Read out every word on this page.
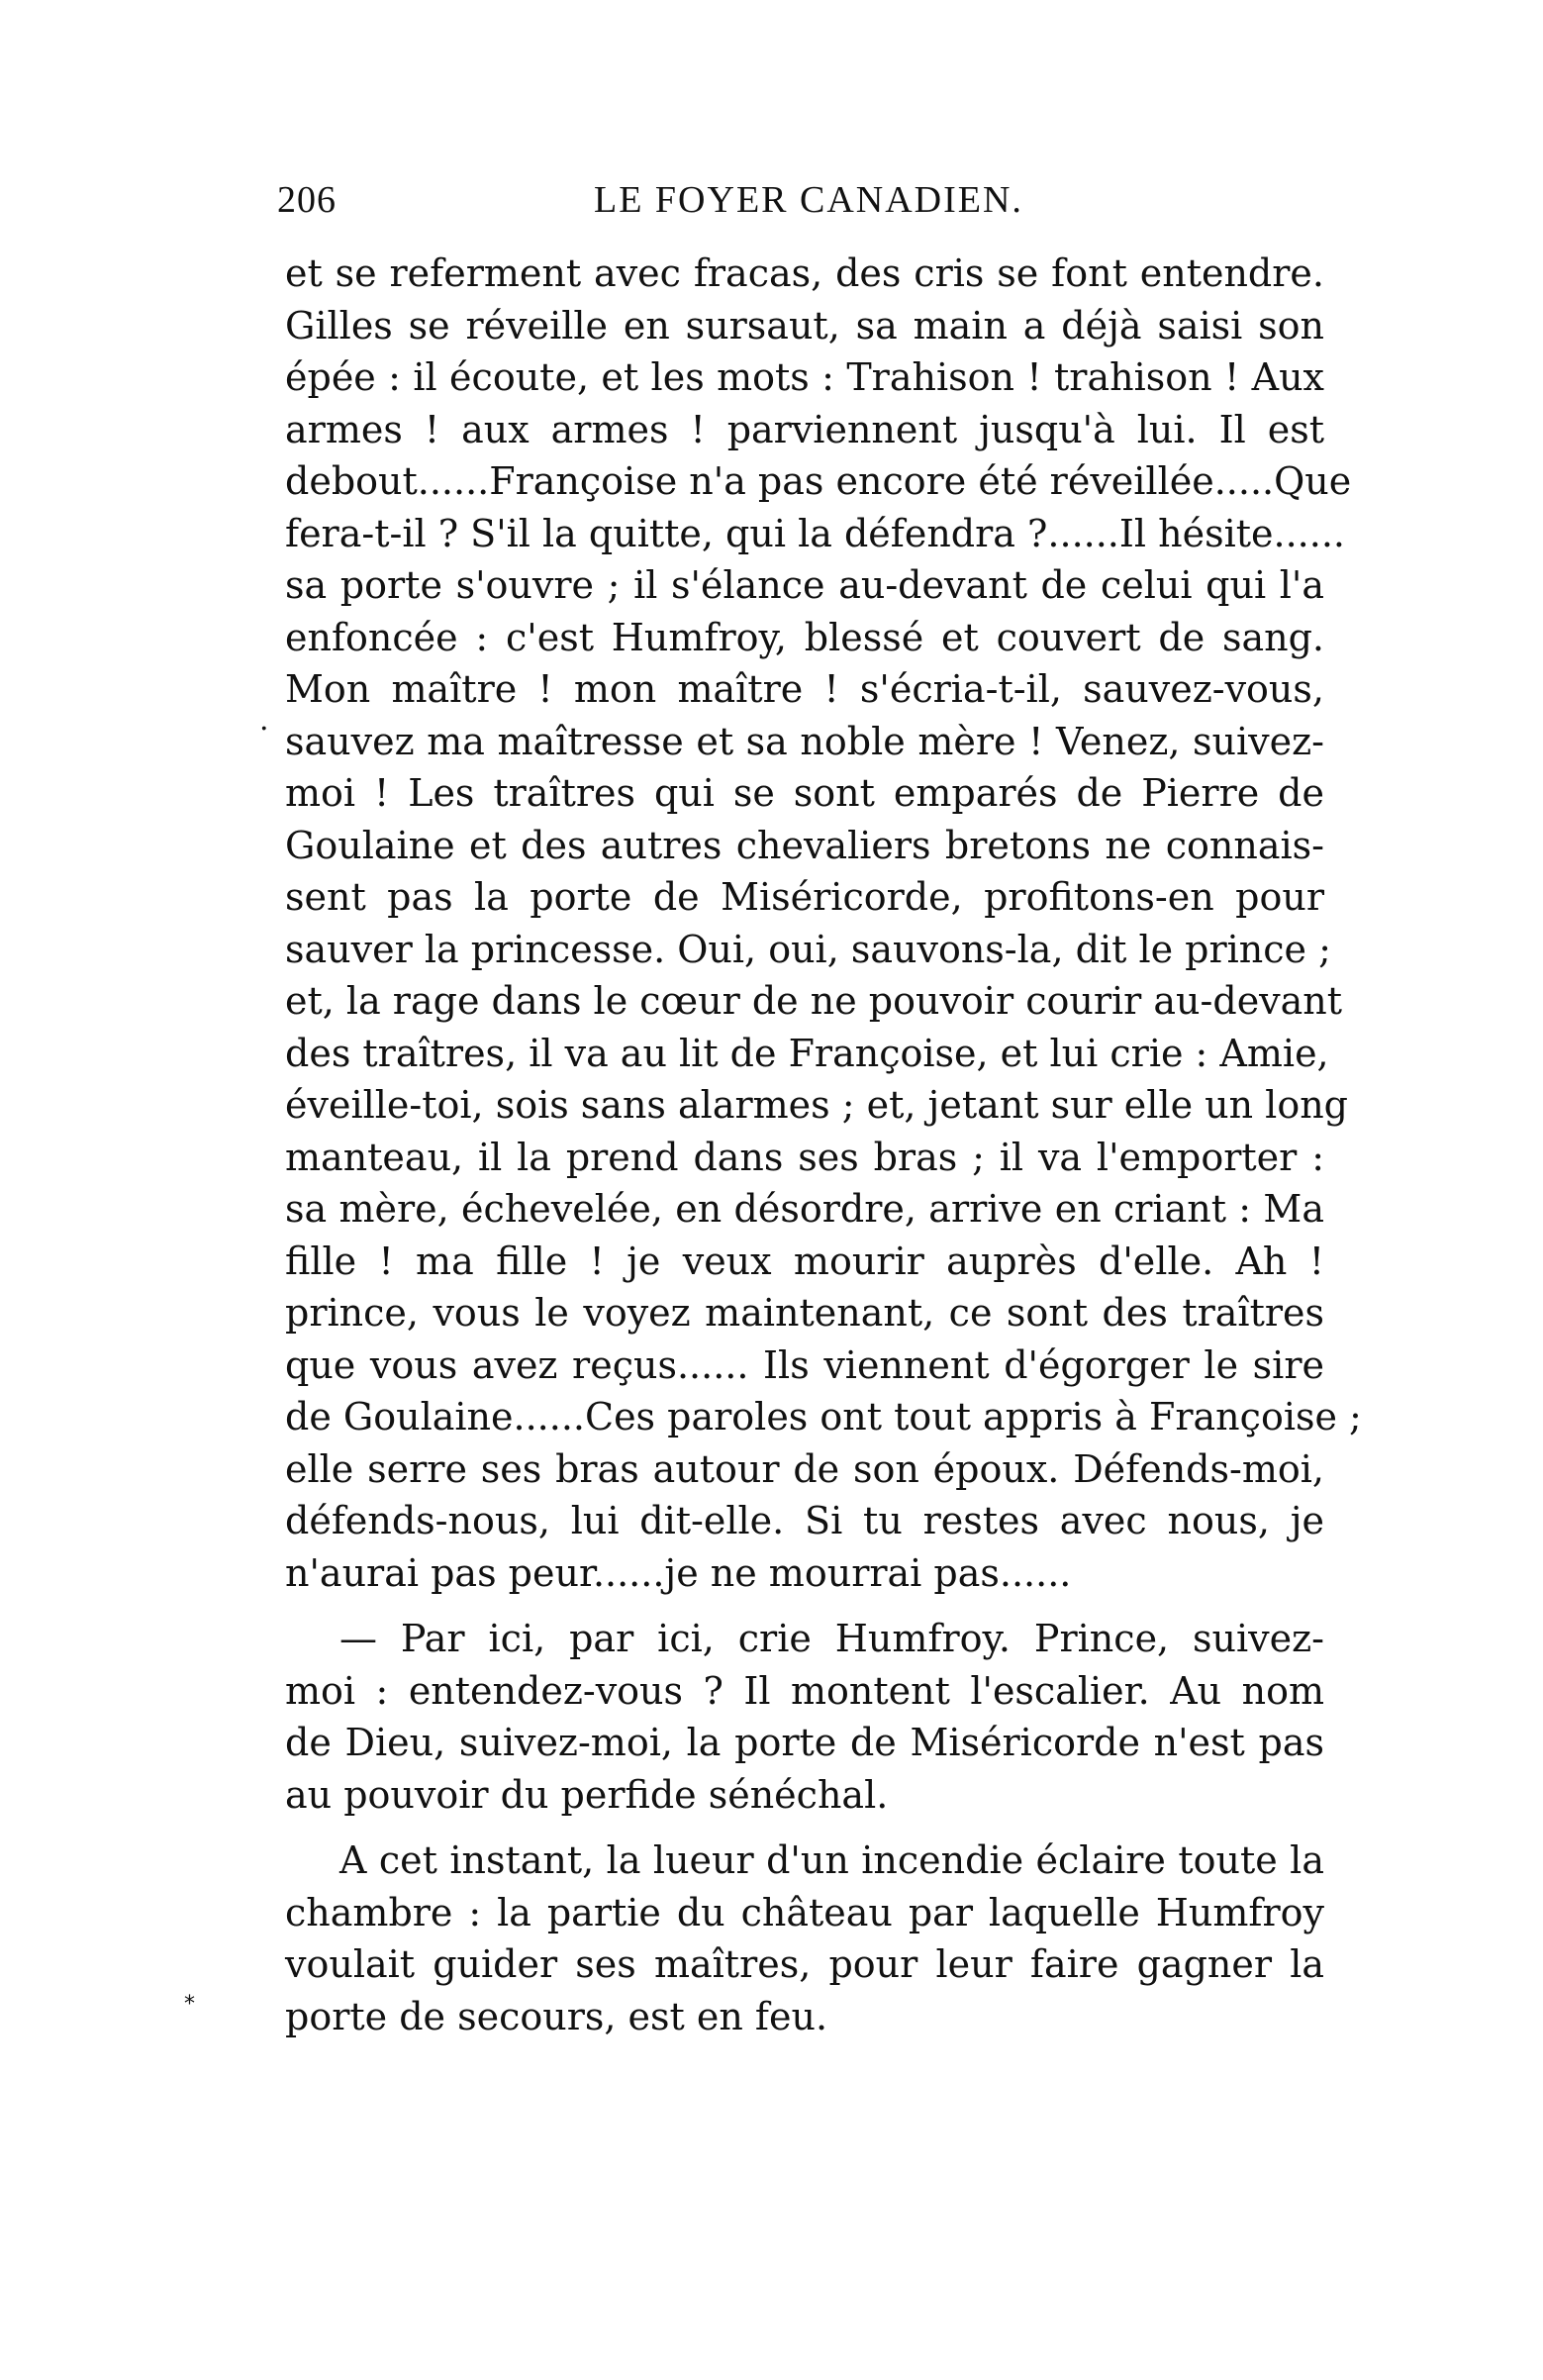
206	LE FOYER CANADIEN.
.
et se referment avec fracas, des cris se font entendre.
Gilles se réveille en sursaut, sa main a déjà saisi son
épée : il écoute, et les mots : Trahison ! trahison ! Aux
armes ! aux armes ! parviennent jusqu'à lui. Il est
debout......Françoise n'a pas encore été réveillée.....Que
fera-t-il ? S'il la quitte, qui la défendra ?......Il hésite......
sa porte s'ouvre ; il s'élance au-devant de celui qui l'a
enfoncée : c'est Humfroy, blessé et couvert de sang.
Mon maître ! mon maître ! s'écria-t-il, sauvez-vous,
sauvez ma maîtresse et sa noble mère ! Venez, suivez-
moi ! Les traîtres qui se sont emparés de Pierre de
Goulaine et des autres chevaliers bretons ne connais-
sent pas la porte de Miséricorde, profitons-en pour
sauver la princesse. Oui, oui, sauvons-la, dit le prince ;
et, la rage dans le cœur de ne pouvoir courir au-devant
des traîtres, il va au lit de Françoise, et lui crie : Amie,
éveille-toi, sois sans alarmes ; et, jetant sur elle un long
manteau, il la prend dans ses bras ; il va l'emporter :
sa mère, échevelée, en désordre, arrive en criant : Ma
fille ! ma fille ! je veux mourir auprès d'elle. Ah !
prince, vous le voyez maintenant, ce sont des traîtres
que vous avez reçus...... Ils viennent d'égorger le sire
de Goulaine......Ces paroles ont tout appris à Françoise ;
elle serre ses bras autour de son époux. Défends-moi,
défends-nous, lui dit-elle. Si tu restes avec nous, je
n'aurai pas peur......je ne mourrai pas......
— Par ici, par ici, crie Humfroy. Prince, suivez-
moi : entendez-vous ? Il montent l'escalier. Au nom
de Dieu, suivez-moi, la porte de Miséricorde n'est pas
au pouvoir du perfide sénéchal.
A cet instant, la lueur d'un incendie éclaire toute la
chambre : la partie du château par laquelle Humfroy
voulait guider ses maîtres, pour leur faire gagner la
porte de secours, est en feu.
*
